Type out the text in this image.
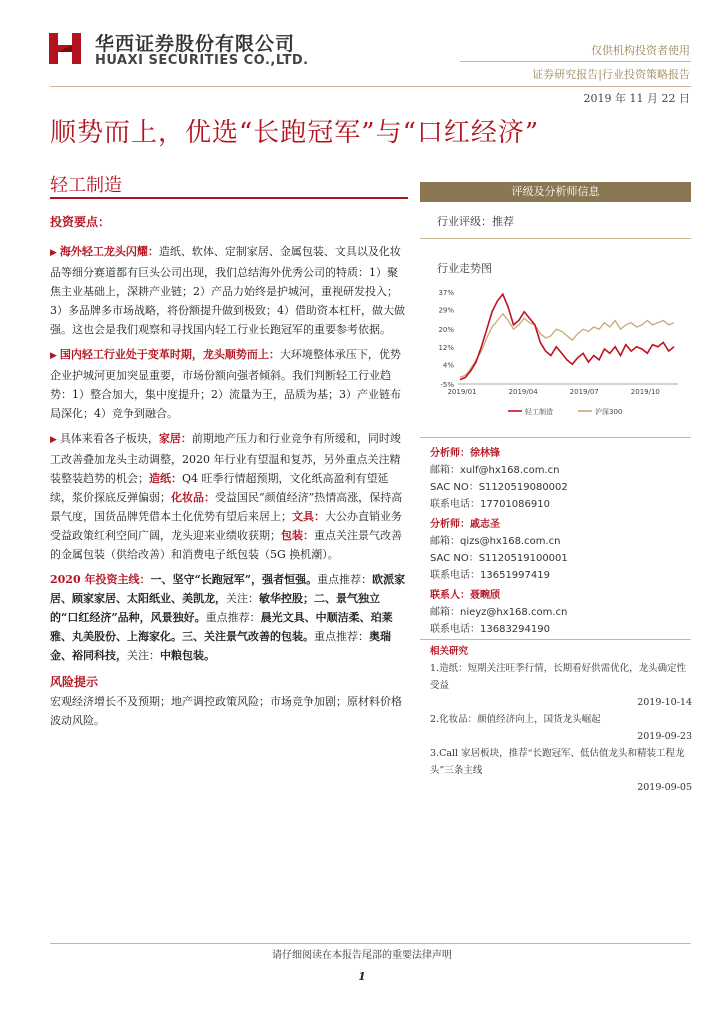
华西证券股份有限公司
HUAXI SECURITIES CO.,LTD.
仅供机构投资者使用
证券研究报告|行业投资策略报告
2019 年 11 月 22 日
顺势而上，优选“长跑冠军”与“口红经济”
轻工制造

投资要点：

▶ 海外轻工龙头闪耀：造纸、软体、定制家居、金属包装、文具以及化妆品等细分赛道都有巨头公司出现，我们总结海外优秀公司的特质：1）聚焦主业基础上，深耕产业链；2）产品力始终是护城河，重视研发投入；3）多品牌多市场战略，将份额提升做到极致；4）借助资本杠杆，做大做强。这也会是我们观察和寻找国内轻工行业长跑冠军的重要参考依据。

▶ 国内轻工行业处于变革时期，龙头顺势而上：大环境整体承压下，优势企业护城河更加突显重要，市场份额向强者倾斜。我们判断轻工行业趋势：1）整合加大，集中度提升；2）流量为王，品质为基；3）产业链布局深化；4）竞争到融合。

▶ 具体来看各子板块，家居：前期地产压力和行业竞争有所缓和，同时竣工改善叠加龙头主动调整，2020 年行业有望温和复苏，另外重点关注精装整装趋势的机会；造纸：Q4 旺季行情超预期，文化纸高盈利有望延续，浆价探底反弹偏弱；化妆品：受益国民“颜值经济”热情高涨，保持高景气度，国货品牌凭借本土化优势有望后来居上；文具：大公办直销业务受益政策红利空间广阔，龙头迎来业绩收获期；包装：重点关注景气改善的金属包装（供给改善）和消费电子纸包装（5G 换机潮）。

2020 年投资主线：一、坚守“长跑冠军”，强者恒强。重点推荐：欧派家居、顾家家居、太阳纸业、美凯龙，关注：敏华控股；二、景气独立的“口红经济”品种，风景独好。重点推荐：晨光文具、中顺洁柔、珀莱雅、丸美股份、上海家化。三、关注景气改善的包装。重点推荐：奥瑞金、裕同科技，关注：中粮包装。

风险提示

宏观经济增长不及预期；地产调控政策风险；市场竞争加剧；原材料价格波动风险。

评级及分析师信息
行业评级：推荐
行业走势图
-5%
4%
12%
20%
29%
37%
2019/01	2019/04	2019/07	2019/10
轻工制造	沪深300
分析师：徐林锋
邮箱：xulf@hx168.com.cn
SAC NO：S1120519080002
联系电话：17701086910
分析师：戚志圣
邮箱：qizs@hx168.com.cn
SAC NO：S1120519100001
联系电话：13651997419
联系人：聂畹颀
邮箱：nieyz@hx168.com.cn
联系电话：13683294190
相关研究
1.造纸：短期关注旺季行情，长期看好供需优化，龙头确定性受益
2019-10-14
2.化妆品：颜值经济向上，国货龙头崛起
2019-09-23
3.Call 家居板块，推荐“长跑冠军、低估值龙头和精装工程龙头”三条主线
2019-09-05
请仔细阅读在本报告尾部的重要法律声明
1
